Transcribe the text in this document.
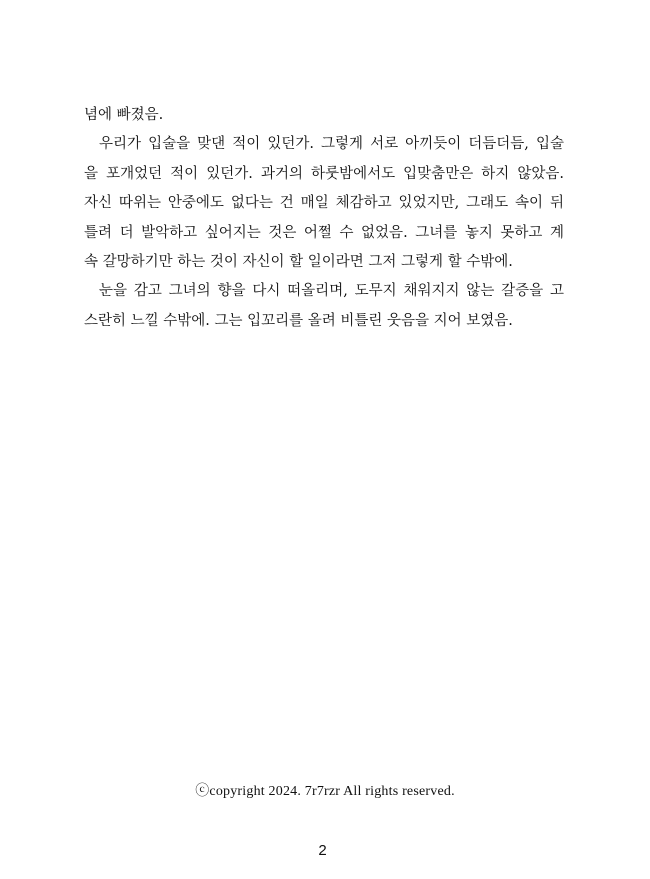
념에 빠졌음.
우리가 입술을 맞댄 적이 있던가. 그렇게 서로 아끼듯이 더듬더듬, 입술
을 포개었던 적이 있던가. 과거의 하룻밤에서도 입맞춤만은 하지 않았음.
자신 따위는 안중에도 없다는 건 매일 체감하고 있었지만, 그래도 속이 뒤
틀려 더 발악하고 싶어지는 것은 어쩔 수 없었음. 그녀를 놓지 못하고 계
속 갈망하기만 하는 것이 자신이 할 일이라면 그저 그렇게 할 수밖에.
눈을 감고 그녀의 향을 다시 떠올리며, 도무지 채워지지 않는 갈증을 고
스란히 느낄 수밖에. 그는 입꼬리를 올려 비틀린 웃음을 지어 보였음.
ⓒcopyright 2024. 7r7rzr All rights reserved.
2
